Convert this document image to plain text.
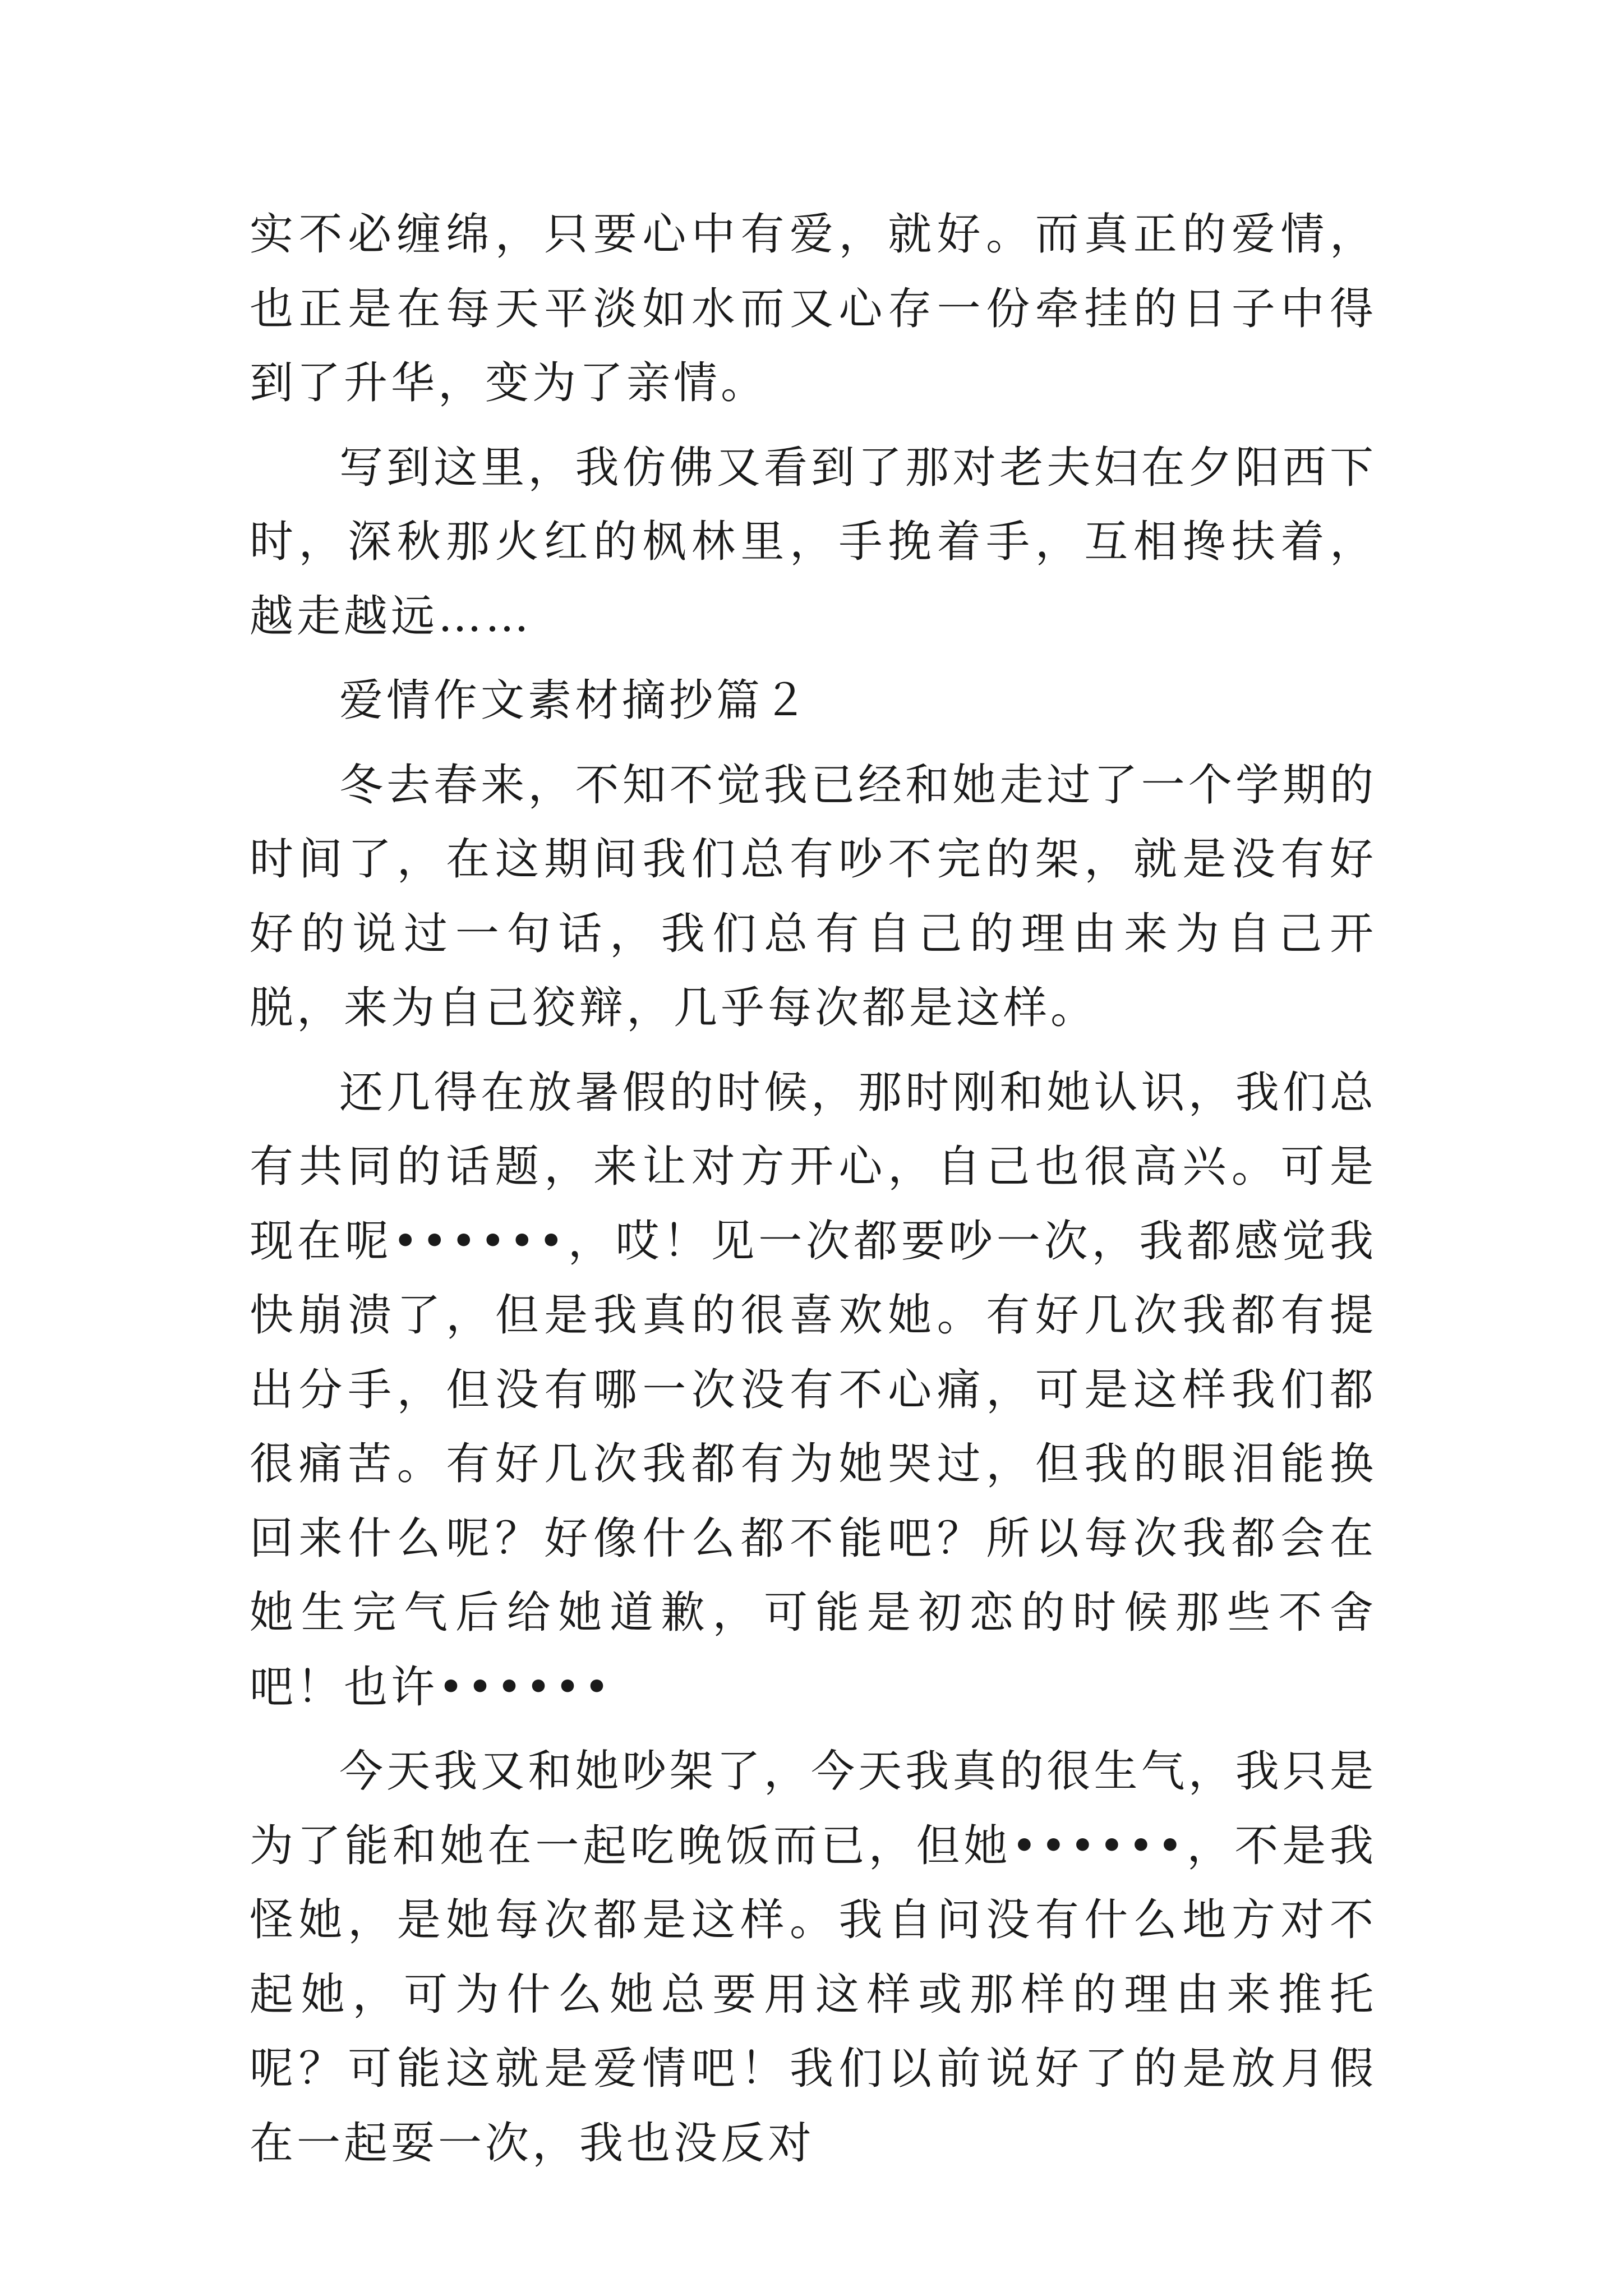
实不必缠绵，只要心中有爱，就好。而真正的爱情，也正是在每天平淡如水而又心存一份牵挂的日子中得到了升华，变为了亲情。

写到这里，我仿佛又看到了那对老夫妇在夕阳西下时，深秋那火红的枫林里，手挽着手，互相搀扶着，越走越远……

爱情作文素材摘抄篇２

冬去春来，不知不觉我已经和她走过了一个学期的时间了，在这期间我们总有吵不完的架，就是没有好好的说过一句话，我们总有自己的理由来为自己开脱，来为自己狡辩，几乎每次都是这样。

还几得在放暑假的时候，那时刚和她认识，我们总有共同的话题，来让对方开心，自己也很高兴。可是现在呢••••••，哎！见一次都要吵一次，我都感觉我快崩溃了，但是我真的很喜欢她。有好几次我都有提出分手，但没有哪一次没有不心痛，可是这样我们都很痛苦。有好几次我都有为她哭过，但我的眼泪能换回来什么呢？好像什么都不能吧？所以每次我都会在她生完气后给她道歉，可能是初恋的时候那些不舍吧！也许••••••

今天我又和她吵架了，今天我真的很生气，我只是为了能和她在一起吃晚饭而已，但她••••••，不是我怪她，是她每次都是这样。我自问没有什么地方对不起她，可为什么她总要用这样或那样的理由来推托呢？可能这就是爱情吧！我们以前说好了的是放月假在一起耍一次，我也没反对
